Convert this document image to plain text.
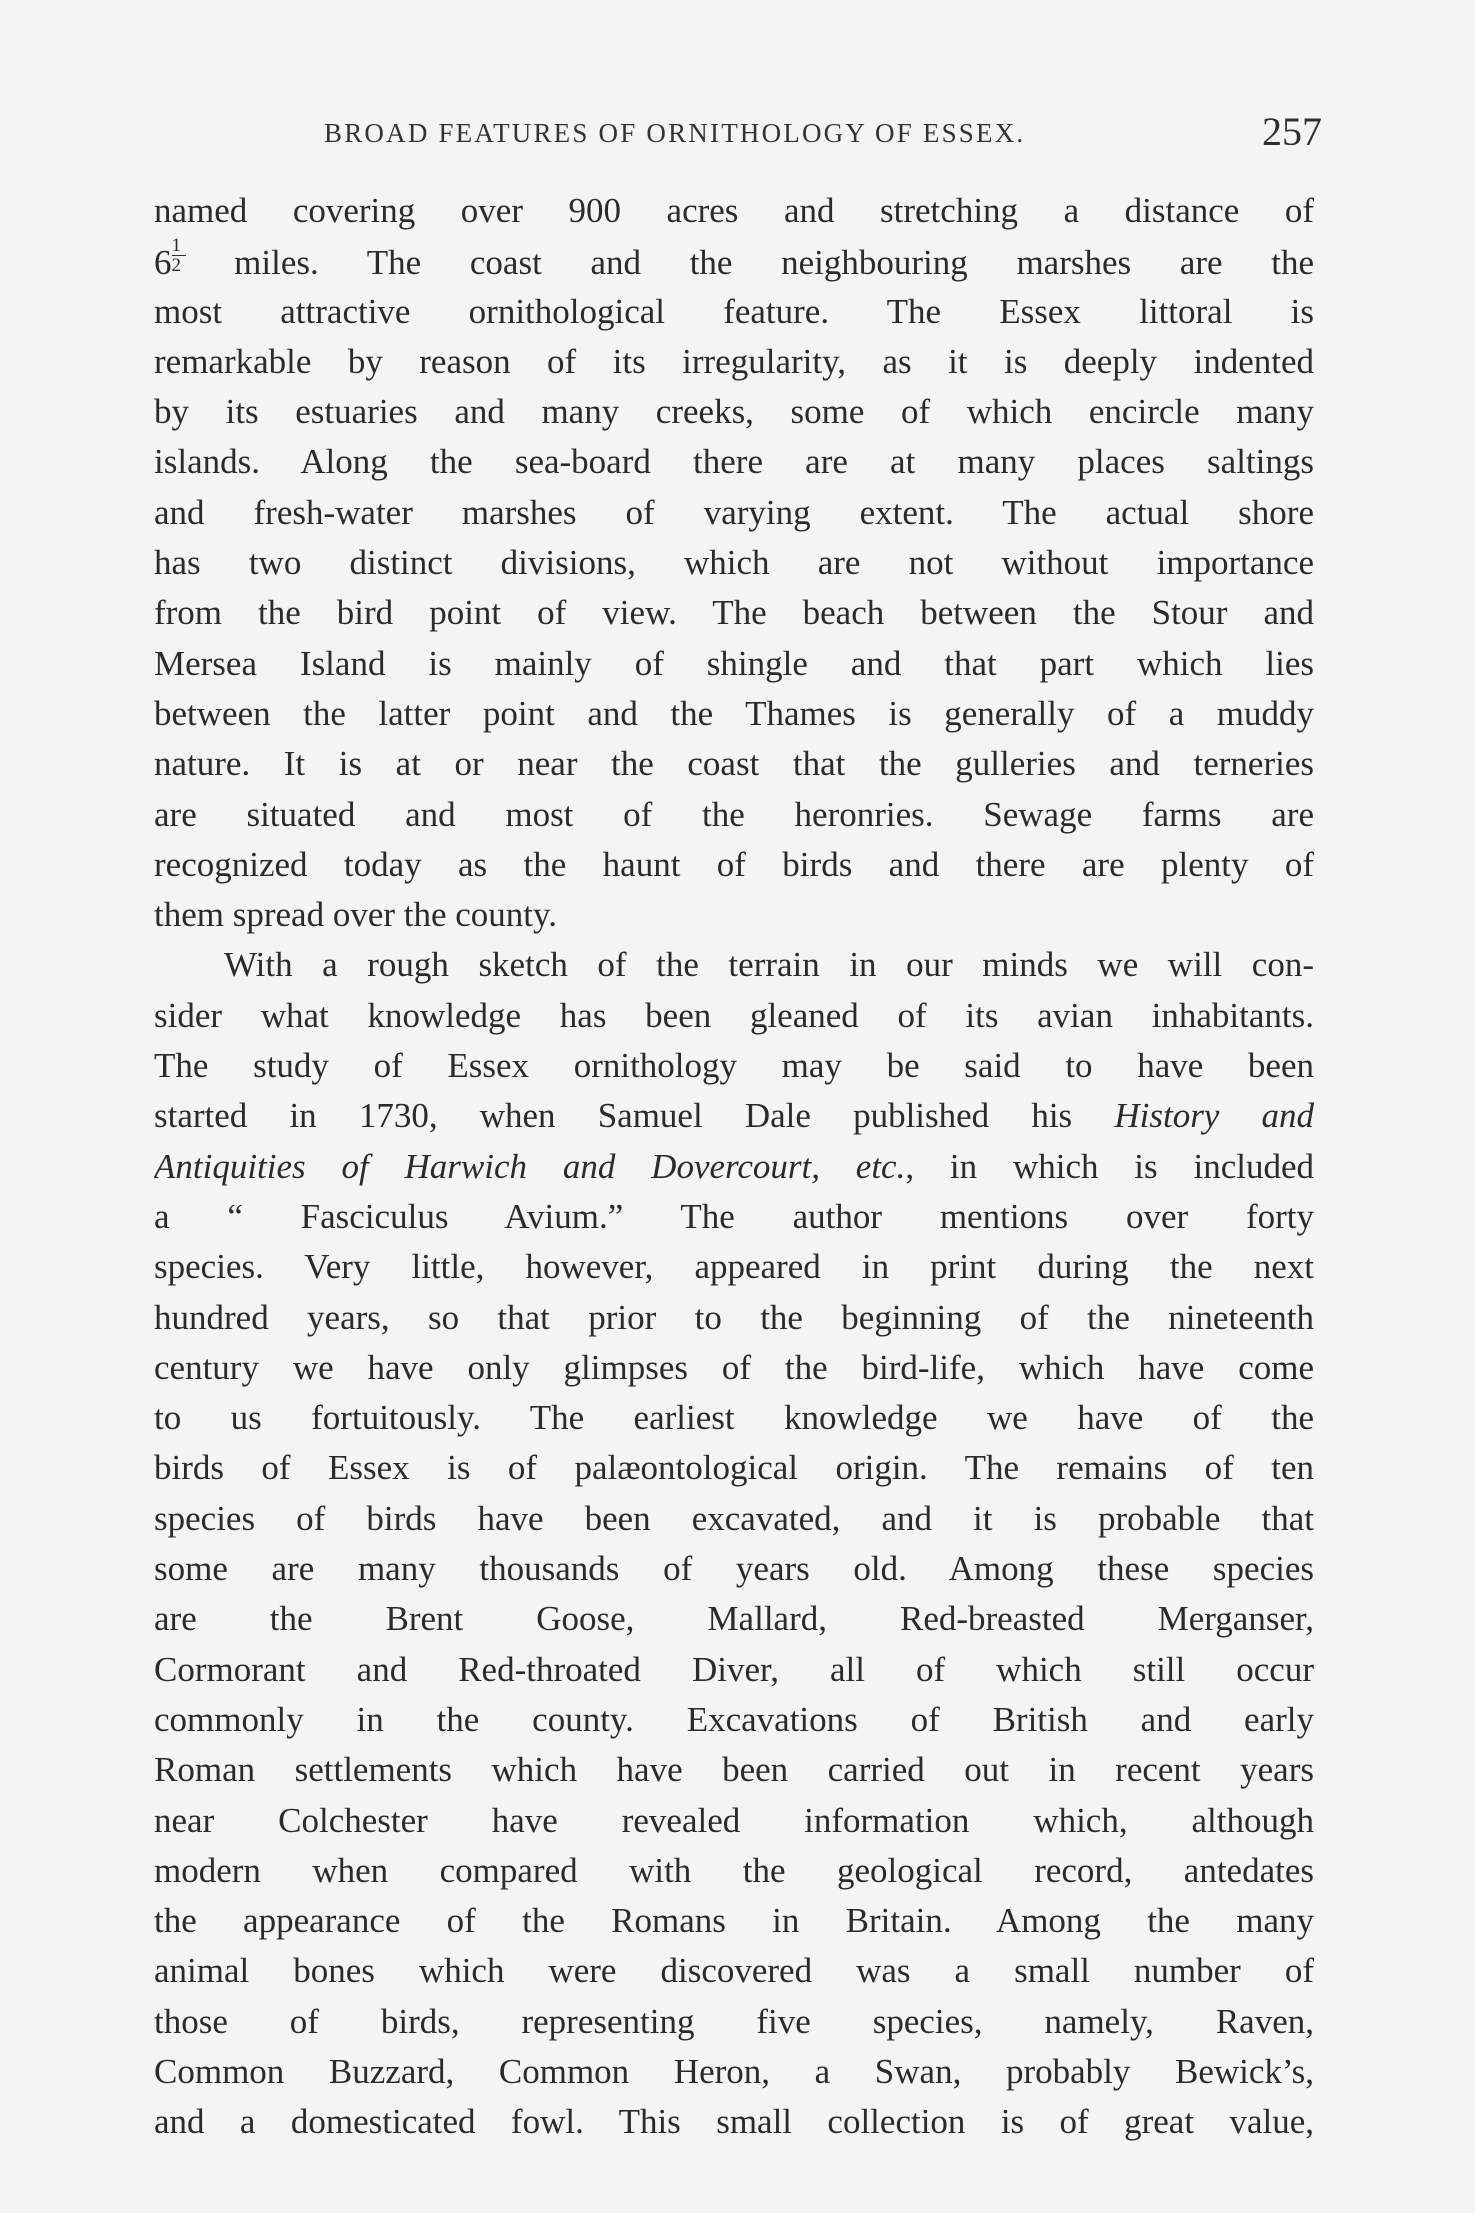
BROAD FEATURES OF ORNITHOLOGY OF ESSEX.	257
named covering over 900 acres and stretching a distance of
$6 \frac{1}{2}$ miles. The coast and the neighbouring marshes are the
most attractive ornithological feature. The Essex littoral is
remarkable by reason of its irregularity, as it is deeply indented
by its estuaries and many creeks, some of which encircle many
islands. Along the sea-board there are at many places saltings
and fresh-water marshes of varying extent. The actual shore
has two distinct divisions, which are not without importance
from the bird point of view. The beach between the Stour and
Mersea Island is mainly of shingle and that part which lies
between the latter point and the Thames is generally of a muddy
nature. It is at or near the coast that the gulleries and terneries
are situated and most of the heronries. Sewage farms are
recognized today as the haunt of birds and there are plenty of
them spread over the county.
With a rough sketch of the terrain in our minds we will con-
sider what knowledge has been gleaned of its avian inhabitants.
The study of Essex ornithology may be said to have been
started in 1730, when Samuel Dale published his History and
Antiquities of Harwich and Dovercourt, etc., in which is included
a “ Fasciculus Avium.” The author mentions over forty
species. Very little, however, appeared in print during the next
hundred years, so that prior to the beginning of the nineteenth
century we have only glimpses of the bird-life, which have come
to us fortuitously. The earliest knowledge we have of the
birds of Essex is of palæontological origin. The remains of ten
species of birds have been excavated, and it is probable that
some are many thousands of years old. Among these species
are the Brent Goose, Mallard, Red-breasted Merganser,
Cormorant and Red-throated Diver, all of which still occur
commonly in the county. Excavations of British and early
Roman settlements which have been carried out in recent years
near Colchester have revealed information which, although
modern when compared with the geological record, antedates
the appearance of the Romans in Britain. Among the many
animal bones which were discovered was a small number of
those of birds, representing five species, namely, Raven,
Common Buzzard, Common Heron, a Swan, probably Bewick’s,
and a domesticated fowl. This small collection is of great value,
